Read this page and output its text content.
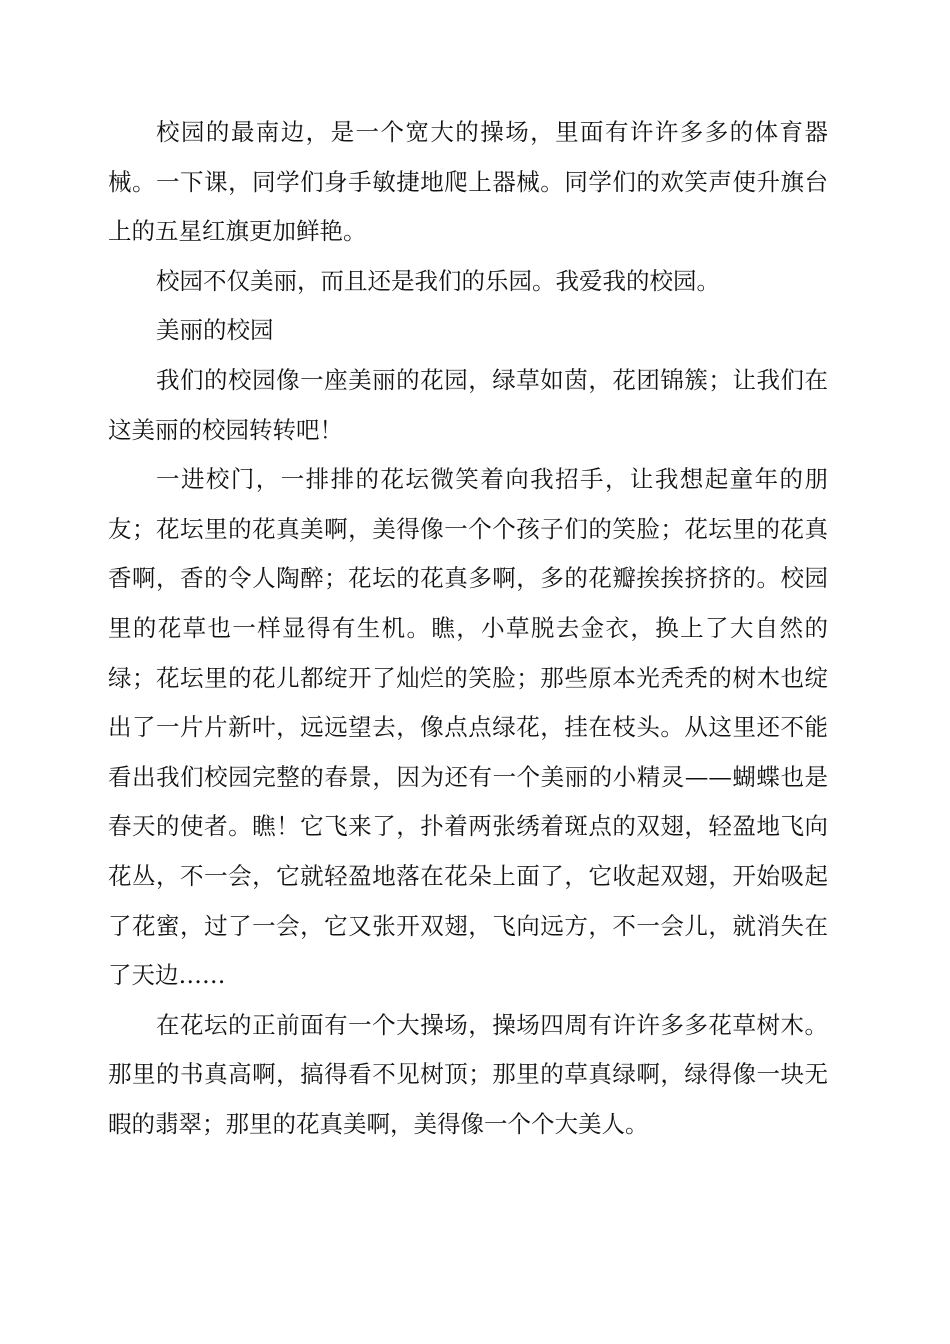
校园的最南边，是一个宽大的操场，里面有许许多多的体育器械。一下课，同学们身手敏捷地爬上器械。同学们的欢笑声使升旗台上的五星红旗更加鲜艳。

校园不仅美丽，而且还是我们的乐园。我爱我的校园。

美丽的校园

我们的校园像一座美丽的花园，绿草如茵，花团锦簇；让我们在这美丽的校园转转吧！

一进校门，一排排的花坛微笑着向我招手，让我想起童年的朋友；花坛里的花真美啊，美得像一个个孩子们的笑脸；花坛里的花真香啊，香的令人陶醉；花坛的花真多啊，多的花瓣挨挨挤挤的。校园里的花草也一样显得有生机。瞧，小草脱去金衣，换上了大自然的绿；花坛里的花儿都绽开了灿烂的笑脸；那些原本光秃秃的树木也绽出了一片片新叶，远远望去，像点点绿花，挂在枝头。从这里还不能看出我们校园完整的春景，因为还有一个美丽的小精灵——蝴蝶也是春天的使者。瞧！它飞来了，扑着两张绣着斑点的双翅，轻盈地飞向花丛，不一会，它就轻盈地落在花朵上面了，它收起双翅，开始吸起了花蜜，过了一会，它又张开双翅，飞向远方，不一会儿，就消失在了天边……

在花坛的正前面有一个大操场，操场四周有许许多多花草树木。那里的书真高啊，搞得看不见树顶；那里的草真绿啊，绿得像一块无暇的翡翠；那里的花真美啊，美得像一个个大美人。
